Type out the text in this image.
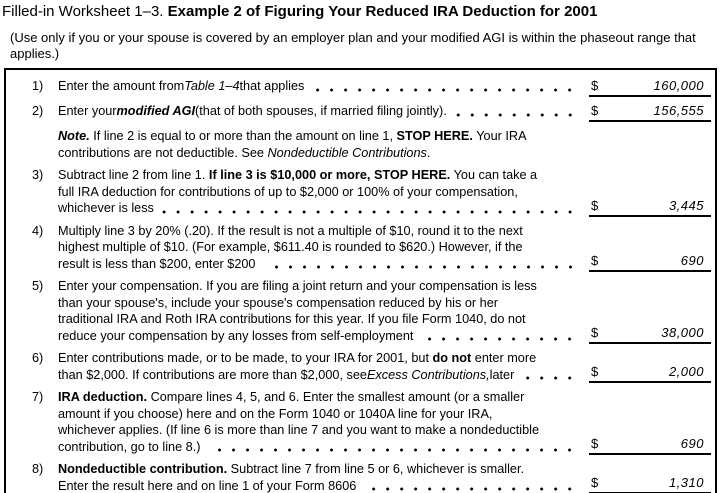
Filled-in Worksheet 1–3. Example 2 of Figuring Your Reduced IRA Deduction for 2001
(Use only if you or your spouse is covered by an employer plan and your modified AGI is within the phaseout range that applies.)
1)	Enter the amount from Table 1–4 that applies	$	160,000
2)	Enter your modified AGI (that of both spouses, if married filing jointly).	$	156,555
Note. If line 2 is equal to or more than the amount on line 1, STOP HERE. Your IRA
contributions are not deductible. See Nondeductible Contributions.
3)	Subtract line 2 from line 1. If line 3 is $10,000 or more, STOP HERE. You can take a
full IRA deduction for contributions of up to $2,000 or 100% of your compensation,
whichever is less	$	3,445
4)	Multiply line 3 by 20% (.20). If the result is not a multiple of $10, round it to the next
highest multiple of $10. (For example, $611.40 is rounded to $620.) However, if the
result is less than $200, enter $200	$	690
5)	Enter your compensation. If you are filing a joint return and your compensation is less
than your spouse's, include your spouse's compensation reduced by his or her
traditional IRA and Roth IRA contributions for this year. If you file Form 1040, do not
reduce your compensation by any losses from self-employment	$	38,000
6)	Enter contributions made, or to be made, to your IRA for 2001, but do not enter more
than $2,000. If contributions are more than $2,000, see Excess Contributions, later	$	2,000
7)	IRA deduction. Compare lines 4, 5, and 6. Enter the smallest amount (or a smaller
amount if you choose) here and on the Form 1040 or 1040A line for your IRA,
whichever applies. (If line 6 is more than line 7 and you want to make a nondeductible
contribution, go to line 8.)	$	690
8)	Nondeductible contribution. Subtract line 7 from line 5 or 6, whichever is smaller.
Enter the result here and on line 1 of your Form 8606	$	1,310
